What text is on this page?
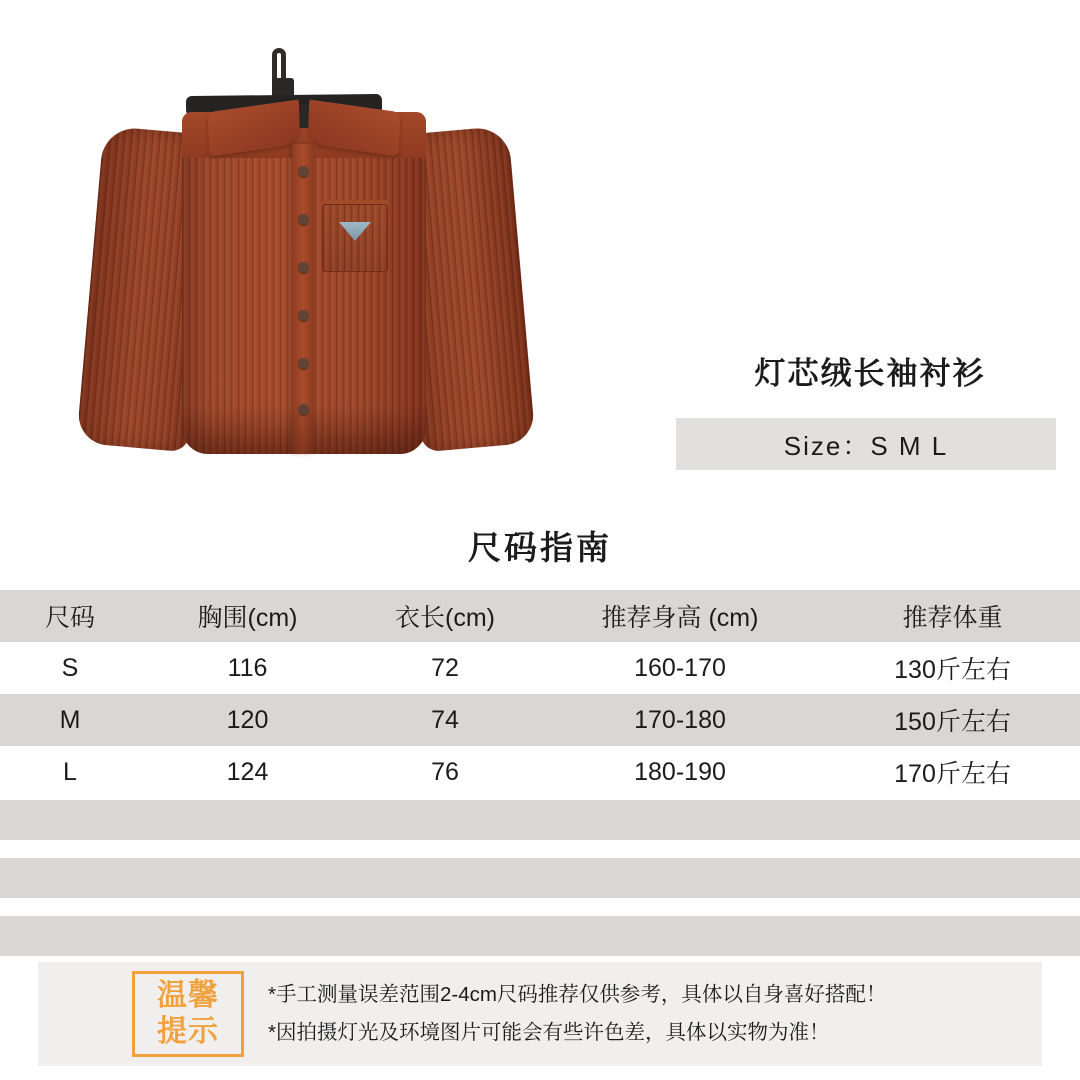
灯芯绒长袖衬衫
Size：S M L
尺码指南
尺码	胸围(cm)	衣长(cm)	推荐身高 (cm)	推荐体重
S	116	72	160-170	130斤左右
M	120	74	170-180	150斤左右
L	124	76	180-190	170斤左右
温馨
提示
*手工测量误差范围2-4cm尺码推荐仅供参考，具体以自身喜好搭配！
*因拍摄灯光及环境图片可能会有些许色差，具体以实物为准！
